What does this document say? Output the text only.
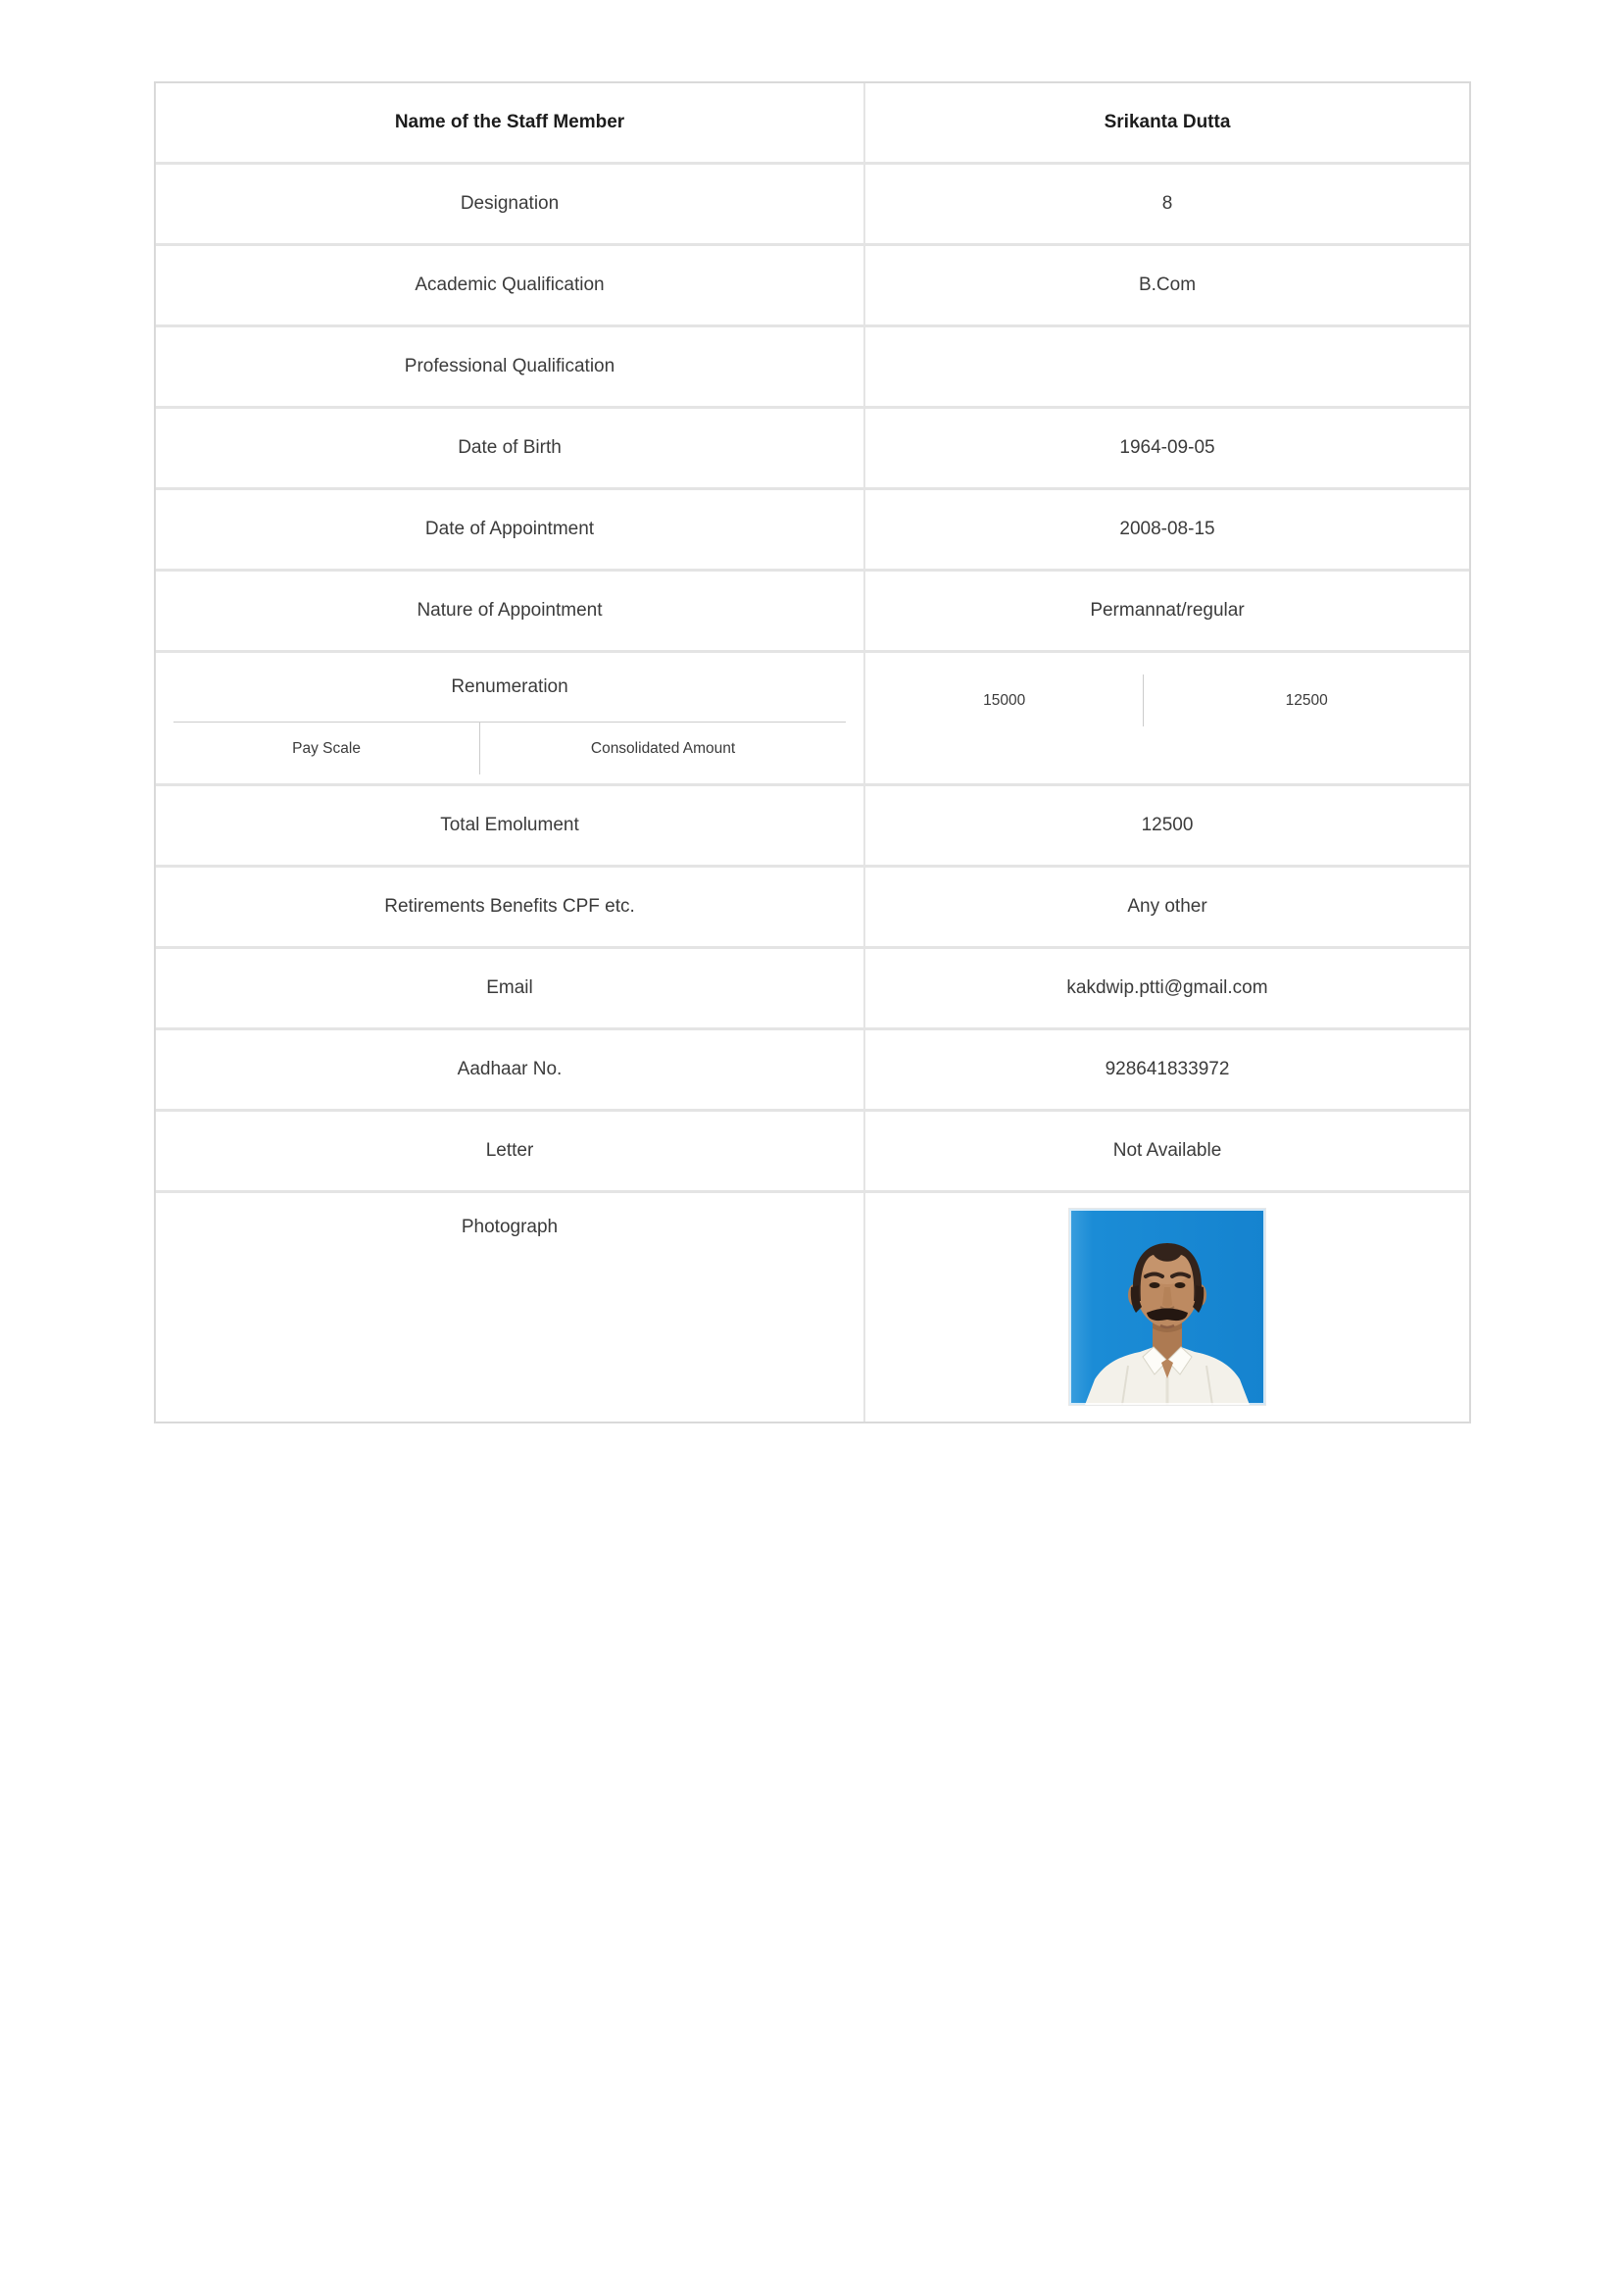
Name of the Staff Member	Srikanta Dutta
Designation	8
Academic Qualification	B.Com
Professional Qualification
Date of Birth	1964-09-05
Date of Appointment	2008-08-15
Nature of Appointment	Permannat/regular
Renumeration
Pay Scale	Consolidated Amount
15000	12500
Total Emolument	12500
Retirements Benefits CPF etc.	Any other
Email	kakdwip.ptti@gmail.com
Aadhaar No.	928641833972
Letter	Not Available
Photograph
